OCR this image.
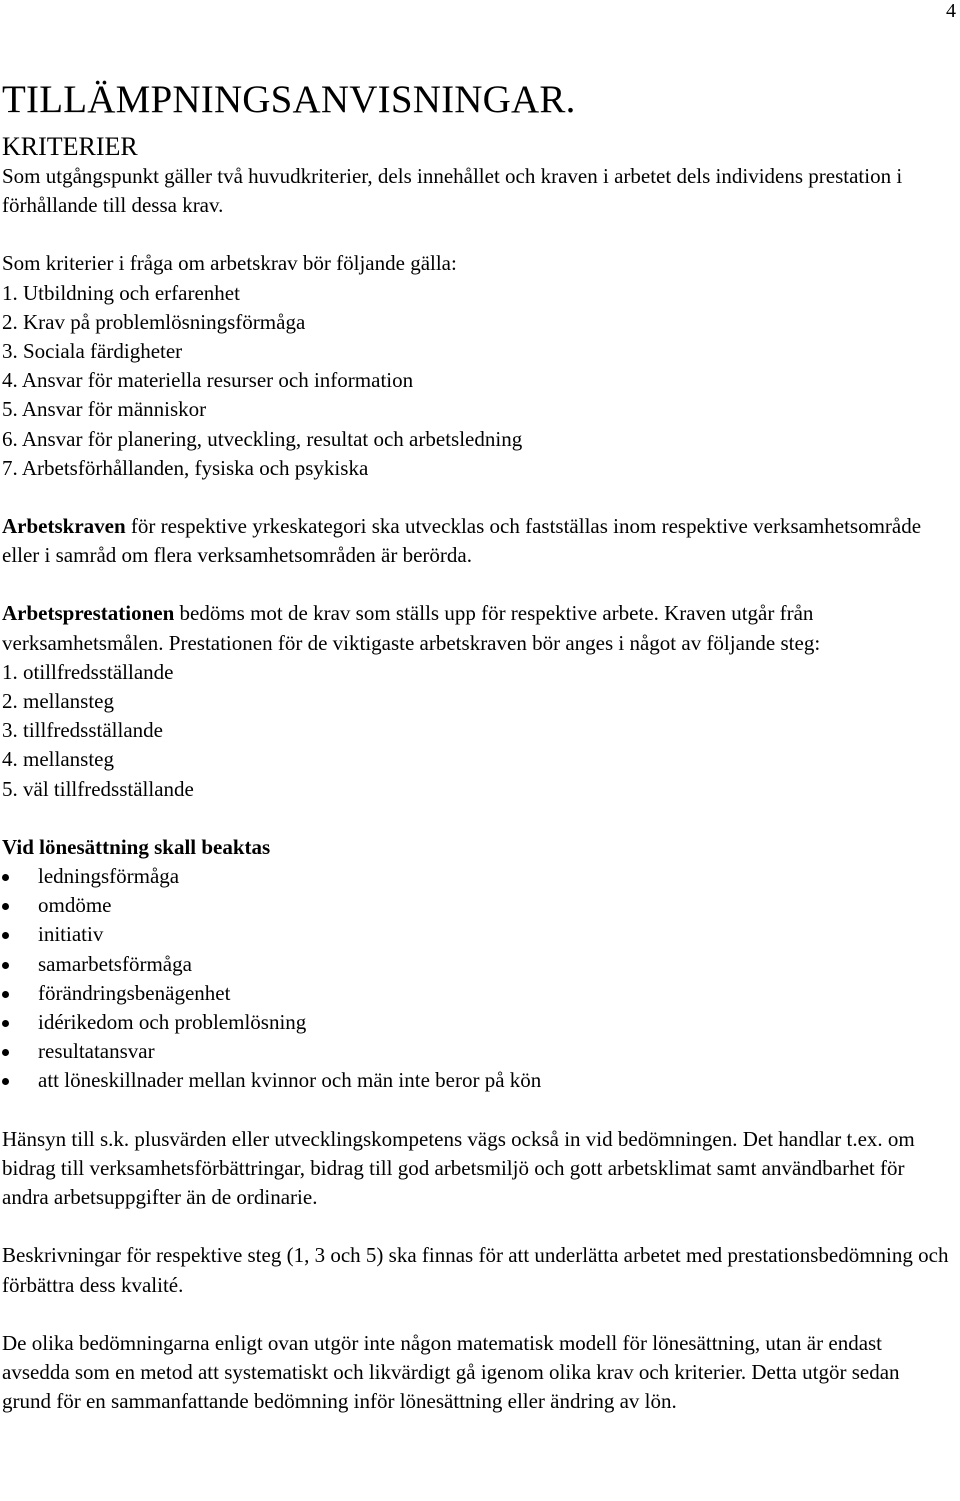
4
TILLÄMPNINGSANVISNINGAR.
KRITERIER

Som utgångspunkt gäller två huvudkriterier, dels innehållet och kraven i arbetet dels individens prestation i förhållande till dessa krav.

Som kriterier i fråga om arbetskrav bör följande gälla:

1. Utbildning och erfarenhet
2. Krav på problemlösningsförmåga
3. Sociala färdigheter
4. Ansvar för materiella resurser och information
5. Ansvar för människor
6. Ansvar för planering, utveckling, resultat och arbetsledning
7. Arbetsförhållanden, fysiska och psykiska

Arbetskraven för respektive yrkeskategori ska utvecklas och fastställas inom respektive verksamhetsområde eller i samråd om flera verksamhetsområden är berörda.

Arbetsprestationen bedöms mot de krav som ställs upp för respektive arbete. Kraven utgår från verksamhetsmålen. Prestationen för de viktigaste arbetskraven bör anges i något av följande steg:

1. otillfredsställande
2. mellansteg
3. tillfredsställande
4. mellansteg
5. väl tillfredsställande

Vid lönesättning skall beaktas

ledningsförmåga
omdöme
initiativ
samarbetsförmåga
förändringsbenägenhet
idérikedom och problemlösning
resultatansvar
att löneskillnader mellan kvinnor och män inte beror på kön

Hänsyn till s.k. plusvärden eller utvecklingskompetens vägs också in vid bedömningen. Det handlar t.ex. om bidrag till verksamhetsförbättringar, bidrag till god arbetsmiljö och gott arbetsklimat samt användbarhet för andra arbetsuppgifter än de ordinarie.

Beskrivningar för respektive steg (1, 3 och 5) ska finnas för att underlätta arbetet med prestationsbedömning och förbättra dess kvalité.

De olika bedömningarna enligt ovan utgör inte någon matematisk modell för lönesättning, utan är endast avsedda som en metod att systematiskt och likvärdigt gå igenom olika krav och kriterier. Detta utgör sedan grund för en sammanfattande bedömning inför lönesättning eller ändring av lön.
